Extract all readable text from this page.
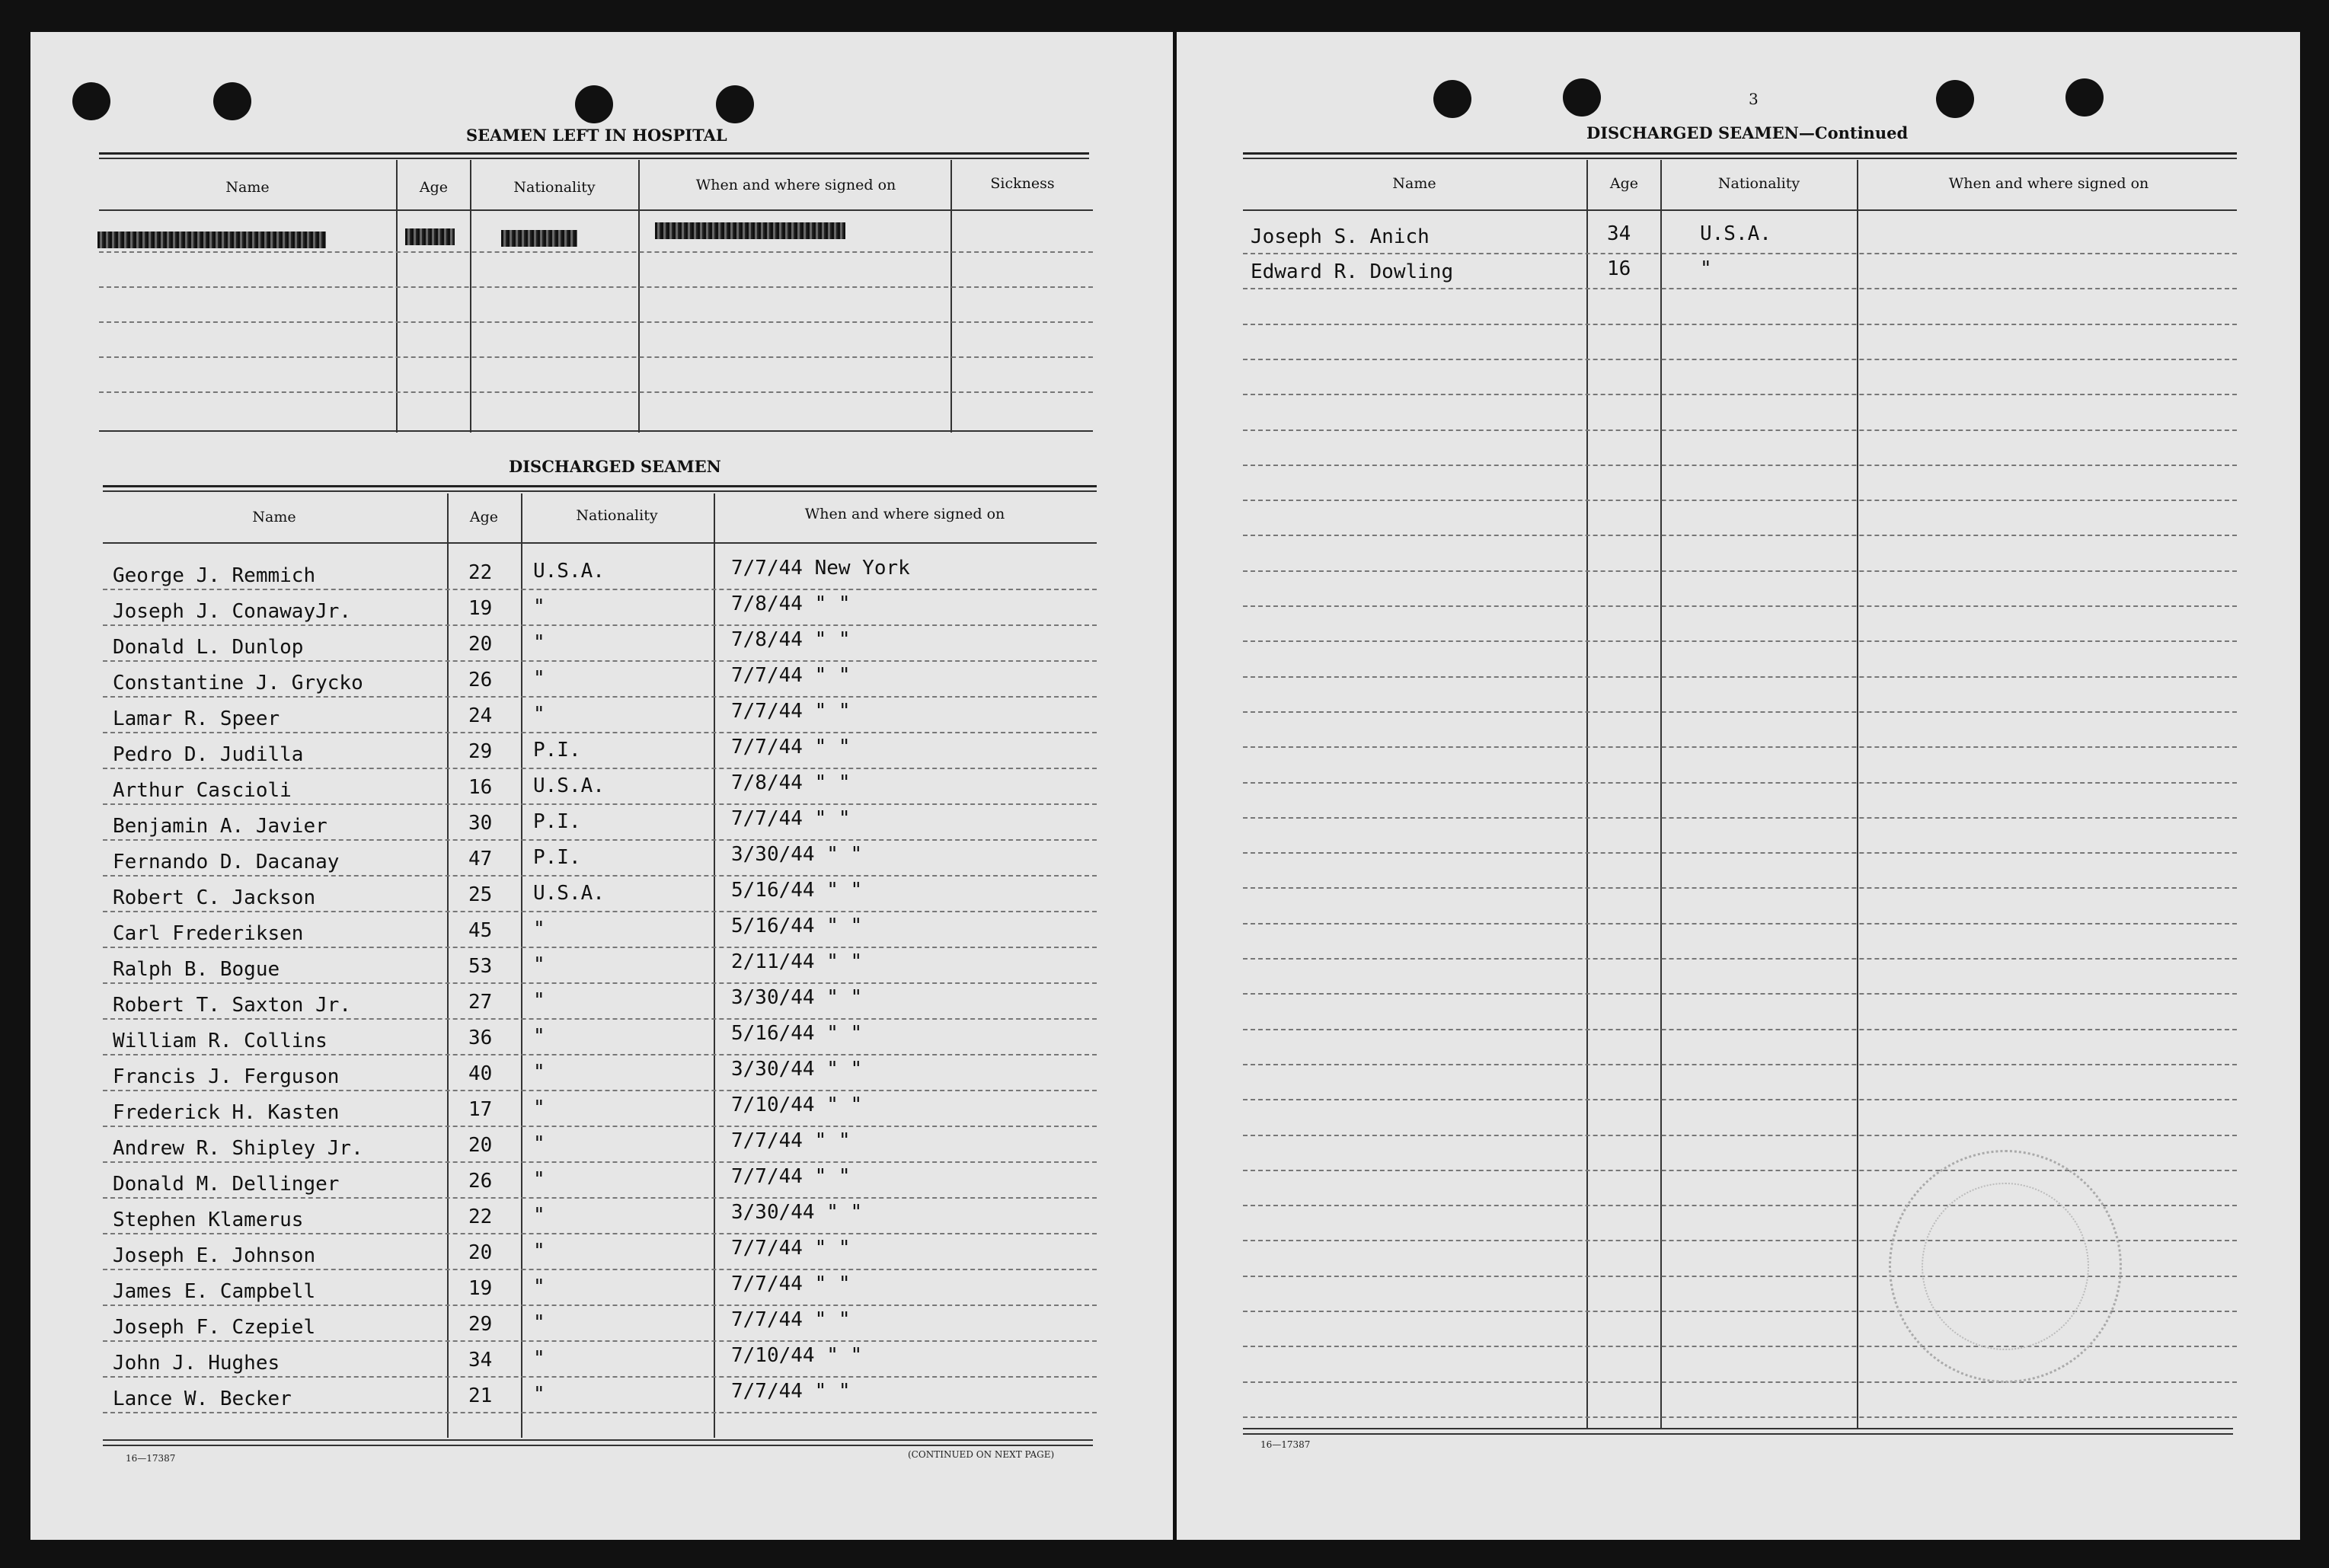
SEAMEN LEFT IN HOSPITAL
Name	Age	Nationality	When and where signed on	Sickness
DISCHARGED SEAMEN
Name	Age	Nationality	When and where signed on
George J. Remmich	22 U.S.A.	7/7/44 New York
Joseph J. ConawayJr.	19 "	7/8/44 " "
Donald L. Dunlop	20 "	7/8/44 " "
Constantine J. Grycko	26 "	7/7/44 " "
Lamar R. Speer	24 "	7/7/44 " "
Pedro D. Judilla	29 P.I.	7/7/44 " "
Arthur Cascioli	16 U.S.A.	7/8/44 " "
Benjamin A. Javier	30 P.I.	7/7/44 " "
Fernando D. Dacanay	47 P.I.	3/30/44 " "
Robert C. Jackson	25 U.S.A.	5/16/44 " "
Carl Frederiksen	45 "	5/16/44 " "
Ralph B. Bogue	53 "	2/11/44 " "
Robert T. Saxton Jr.	27 "	3/30/44 " "
William R. Collins	36 "	5/16/44 " "
Francis J. Ferguson	40 "	3/30/44 " "
Frederick H. Kasten	17 "	7/10/44 " "
Andrew R. Shipley Jr.	20 "	7/7/44 " "
Donald M. Dellinger	26 "	7/7/44 " "
Stephen Klamerus	22 "	3/30/44 " "
Joseph E. Johnson	20 "	7/7/44 " "
James E. Campbell	19 "	7/7/44 " "
Joseph F. Czepiel	29 "	7/7/44 " "
John J. Hughes	34 "	7/10/44 " "
Lance W. Becker	21 "	7/7/44 " "
16—17387	(CONTINUED ON NEXT PAGE)
3
DISCHARGED SEAMEN—Continued
Name	Age	Nationality	When and where signed on
Joseph S. Anich	34	U.S.A.
Edward R. Dowling	16	"
16—17387
